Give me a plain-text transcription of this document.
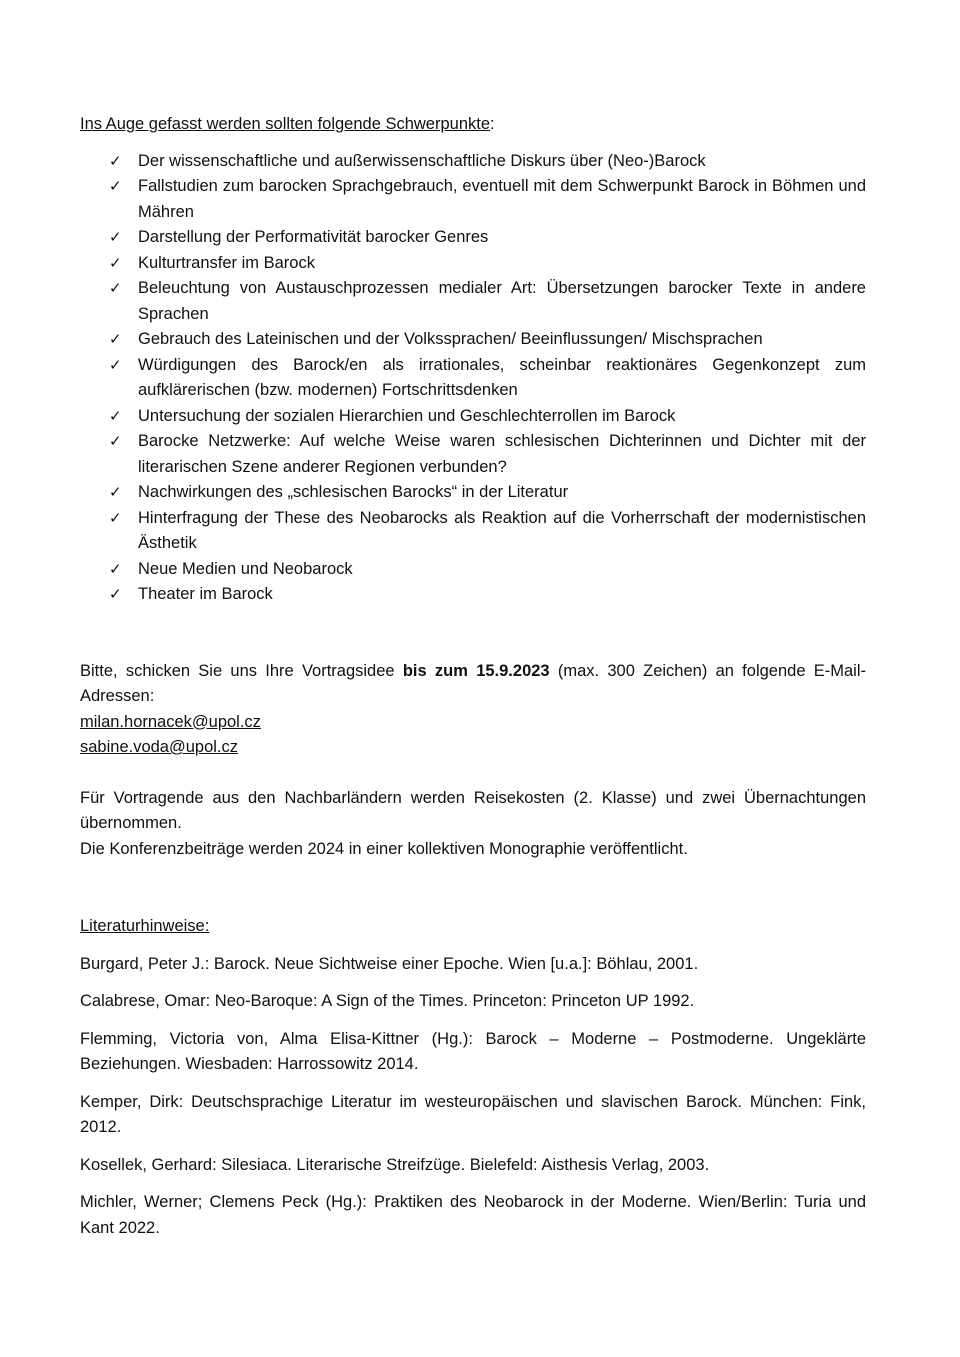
Ins Auge gefasst werden sollten folgende Schwerpunkte:

✓ Der wissenschaftliche und außerwissenschaftliche Diskurs über (Neo-)Barock
✓ Fallstudien zum barocken Sprachgebrauch, eventuell mit dem Schwerpunkt Barock in Böhmen und Mähren
✓ Darstellung der Performativität barocker Genres
✓ Kulturtransfer im Barock
✓ Beleuchtung von Austauschprozessen medialer Art: Übersetzungen barocker Texte in andere Sprachen
✓ Gebrauch des Lateinischen und der Volkssprachen/ Beeinflussungen/ Mischsprachen
✓ Würdigungen des Barock/en als irrationales, scheinbar reaktionäres Gegenkonzept zum aufklärerischen (bzw. modernen) Fortschrittsdenken
✓ Untersuchung der sozialen Hierarchien und Geschlechterrollen im Barock
✓ Barocke Netzwerke: Auf welche Weise waren schlesischen Dichterinnen und Dichter mit der literarischen Szene anderer Regionen verbunden?
✓ Nachwirkungen des „schlesischen Barocks“ in der Literatur
✓ Hinterfragung der These des Neobarocks als Reaktion auf die Vorherrschaft der modernistischen Ästhetik
✓ Neue Medien und Neobarock
✓ Theater im Barock

Bitte, schicken Sie uns Ihre Vortragsidee bis zum 15.9.2023 (max. 300 Zeichen) an folgende E-Mail-Adressen:

milan.hornacek@upol.cz
sabine.voda@upol.cz

Für Vortragende aus den Nachbarländern werden Reisekosten (2. Klasse) und zwei Übernachtungen übernommen.

Die Konferenzbeiträge werden 2024 in einer kollektiven Monographie veröffentlicht.

Literaturhinweise:

Burgard, Peter J.: Barock. Neue Sichtweise einer Epoche. Wien [u.a.]: Böhlau, 2001.

Calabrese, Omar: Neo-Baroque: A Sign of the Times. Princeton: Princeton UP 1992.

Flemming, Victoria von, Alma Elisa-Kittner (Hg.): Barock – Moderne – Postmoderne. Ungeklärte Beziehungen. Wiesbaden: Harrossowitz 2014.

Kemper, Dirk: Deutschsprachige Literatur im westeuropäischen und slavischen Barock. München: Fink, 2012.

Kosellek, Gerhard: Silesiaca. Literarische Streifzüge. Bielefeld: Aisthesis Verlag, 2003.

Michler, Werner; Clemens Peck (Hg.): Praktiken des Neobarock in der Moderne. Wien/Berlin: Turia und Kant 2022.
